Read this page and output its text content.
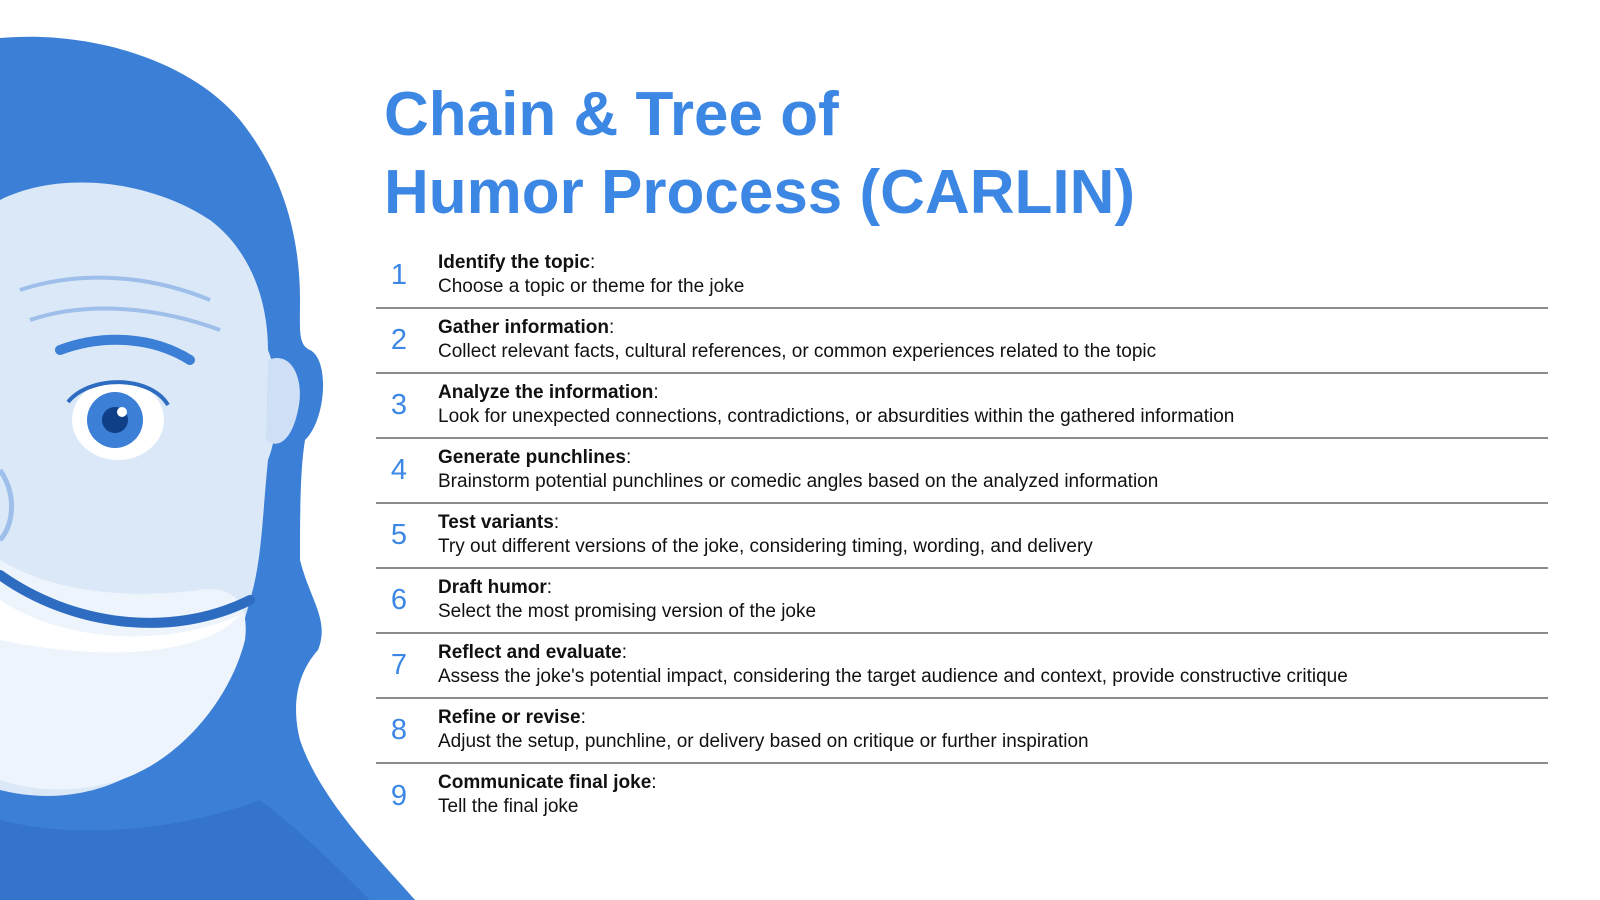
Chain & Tree of
Humor Process (CARLIN)
1	Identify the topic:
Choose a topic or theme for the joke
2	Gather information:
Collect relevant facts, cultural references, or common experiences related to the topic
3	Analyze the information:
Look for unexpected connections, contradictions, or absurdities within the gathered information
4	Generate punchlines:
Brainstorm potential punchlines or comedic angles based on the analyzed information
5	Test variants:
Try out different versions of the joke, considering timing, wording, and delivery
6	Draft humor:
Select the most promising version of the joke
7	Reflect and evaluate:
Assess the joke's potential impact, considering the target audience and context, provide constructive critique
8	Refine or revise:
Adjust the setup, punchline, or delivery based on critique or further inspiration
9	Communicate final joke:
Tell the final joke
